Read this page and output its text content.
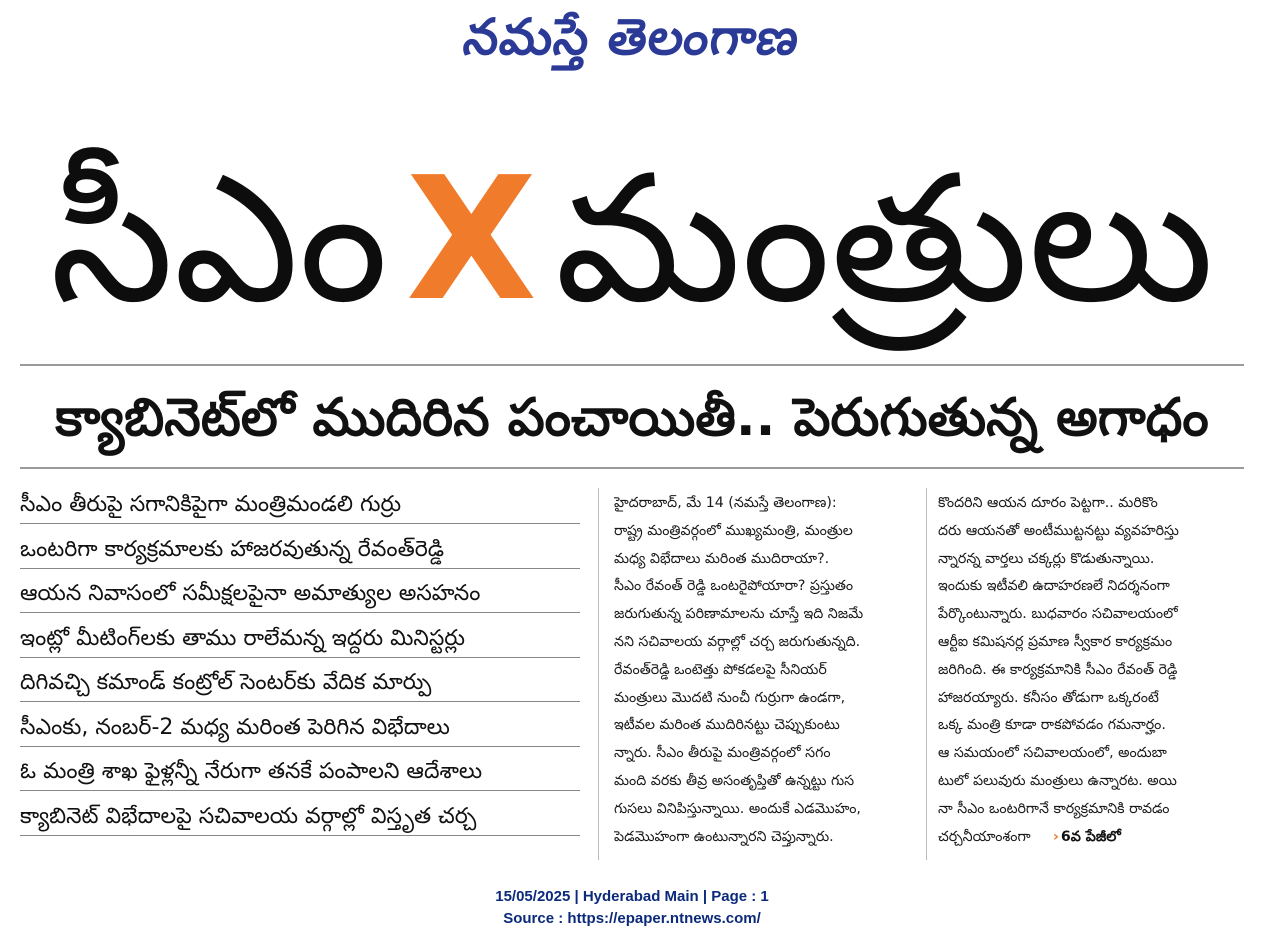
నమస్తే తెలంగాణ
సీఎం X మంత్రులు
క్యాబినెట్‌లో ముదిరిన పంచాయితీ.. పెరుగుతున్న అగాధం
సీఎం తీరుపై సగానికిపైగా మంత్రిమండలి గుర్రు
ఒంటరిగా కార్యక్రమాలకు హాజరవుతున్న రేవంత్‌రెడ్డి
ఆయన నివాసంలో సమీక్షలపైనా అమాత్యుల అసహనం
ఇంట్లో మీటింగ్‌లకు తాము రాలేమన్న ఇద్దరు మినిస్టర్లు
దిగివచ్చి కమాండ్ కంట్రోల్ సెంటర్‌కు వేదిక మార్పు
సీఎంకు, నంబర్-2 మధ్య మరింత పెరిగిన విభేదాలు
ఓ మంత్రి శాఖ ఫైళ్లన్నీ నేరుగా తనకే పంపాలని ఆదేశాలు
క్యాబినెట్ విభేదాలపై సచివాలయ వర్గాల్లో విస్తృత చర్చ
హైదరాబాద్, మే 14 (నమస్తే తెలంగాణ):
రాష్ట్ర మంత్రివర్గంలో ముఖ్యమంత్రి, మంత్రుల
మధ్య విభేదాలు మరింత ముదిరాయా?.
సీఎం రేవంత్ రెడ్డి ఒంటరైపోయారా? ప్రస్తుతం
జరుగుతున్న పరిణామాలను చూస్తే ఇది నిజమే
నని సచివాలయ వర్గాల్లో చర్చ జరుగుతున్నది.
రేవంత్‌రెడ్డి ఒంటెత్తు పోకడలపై సీనియర్
మంత్రులు మొదటి నుంచీ గుర్రుగా ఉండగా,
ఇటీవల మరింత ముదిరినట్టు చెప్పుకుంటు
న్నారు. సీఎం తీరుపై మంత్రివర్గంలో సగం
మంది వరకు తీవ్ర అసంతృప్తితో ఉన్నట్టు గుస
గుసలు వినిపిస్తున్నాయి. అందుకే ఎడమొహం,
పెడమొహంగా ఉంటున్నారని చెప్తున్నారు.
కొందరిని ఆయన దూరం పెట్టగా.. మరికొం
దరు ఆయనతో అంటీముట్టనట్టు వ్యవహరిస్తు
న్నారన్న వార్తలు చక్కర్లు కొడుతున్నాయి.
ఇందుకు ఇటీవలి ఉదాహరణలే నిదర్శనంగా
పేర్కొంటున్నారు. బుధవారం సచివాలయంలో
ఆర్టీఐ కమిషనర్ల ప్రమాణ స్వీకార కార్యక్రమం
జరిగింది. ఈ కార్యక్రమానికి సీఎం రేవంత్ రెడ్డి
హాజరయ్యారు. కనీసం తోడుగా ఒక్కరంటే
ఒక్క మంత్రి కూడా రాకపోవడం గమనార్హం.
ఆ సమయంలో సచివాలయంలో, అందుబా
టులో పలువురు మంత్రులు ఉన్నారట. అయి
నా సీఎం ఒంటరిగానే కార్యక్రమానికి రావడం
చర్చనీయాంశంగా › 6వ పేజీలో
15/05/2025 | Hyderabad Main | Page : 1
Source : https://epaper.ntnews.com/
